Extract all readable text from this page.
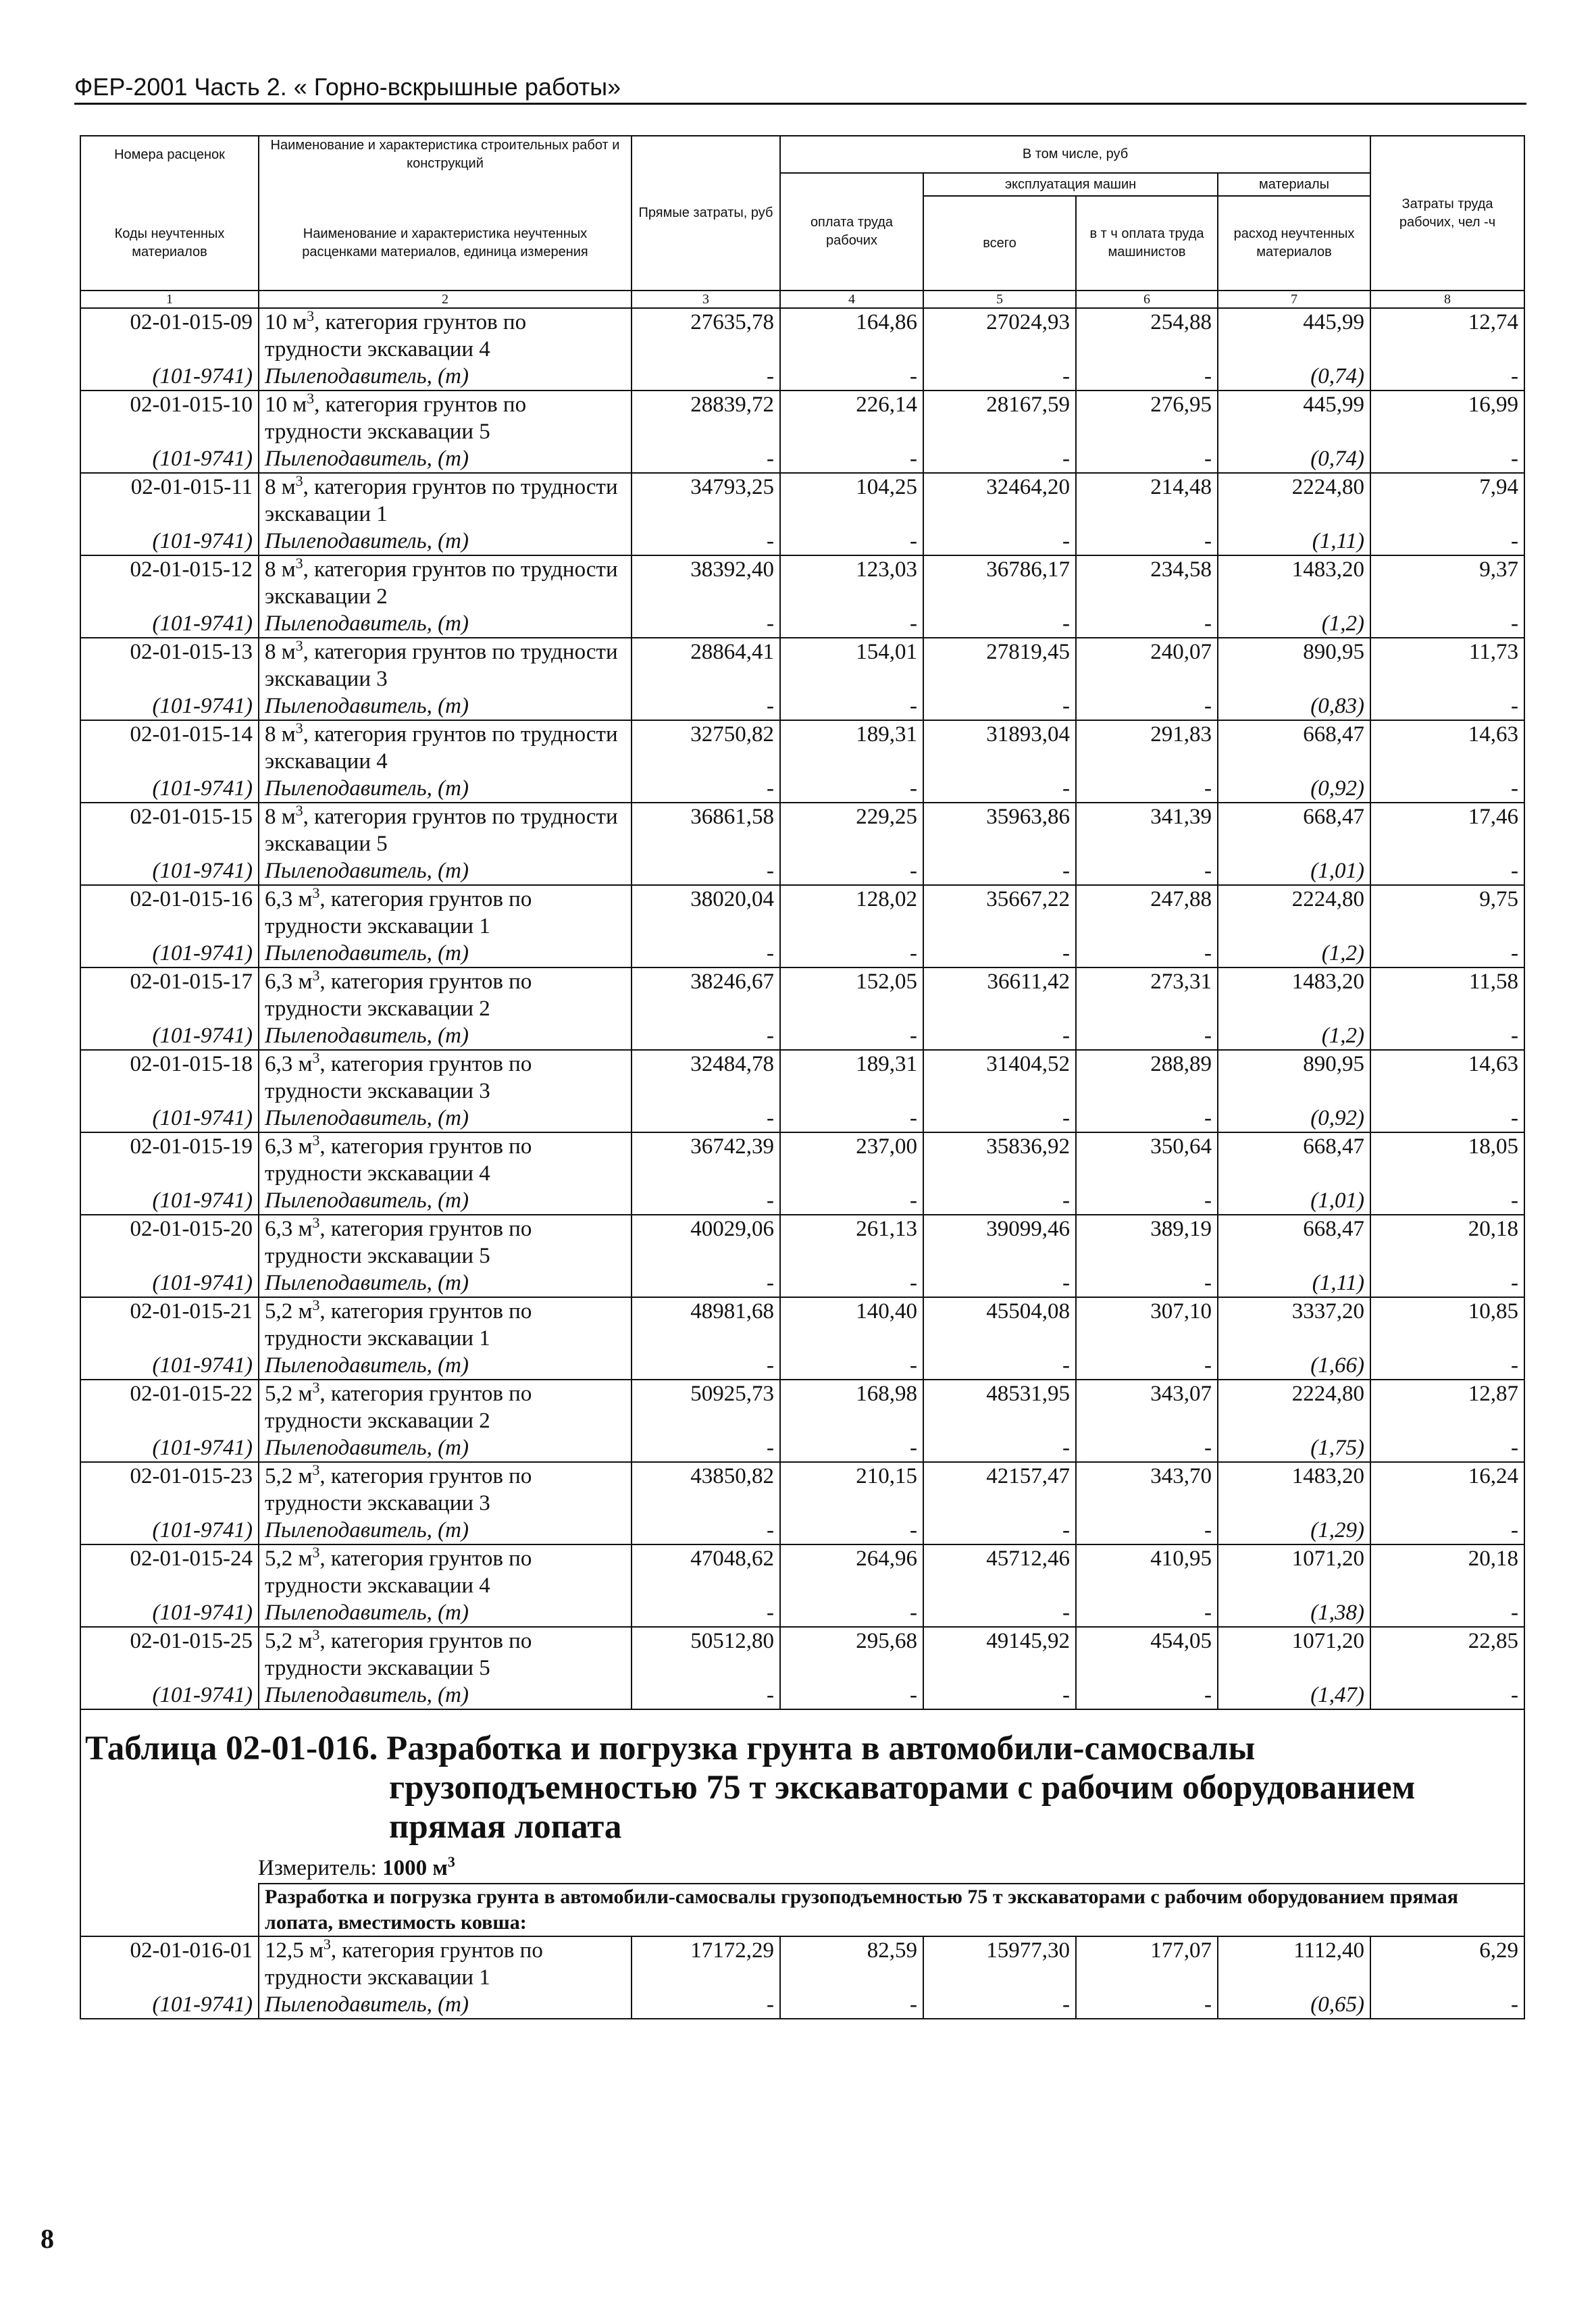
ФЕР-2001 Часть 2. « Горно-вскрышные работы»
Номера расценок	Наименование и характеристика строительных работ и конструкций	Прямые затраты, руб	В том числе, руб				Затраты труда рабочих, чел -ч
			оплата труда рабочих	эксплуатация машин		материалы	
Коды неучтенных материалов	Наименование и характеристика неучтенных расценками материалов, единица измерения			всего	в т ч оплата труда машинистов	расход неучтенных материалов	
1	2	3	4	5	6	7	8
02-01-015-09	10 $м^3$, категория грунтов по трудности экскавации 4	27635,78	164,86	27024,93	254,88	445,99	12,74
(101-9741)	Пылеподавитель, (т)	-	-	-	-	(0,74)	-
02-01-015-10	10 $м^3$, категория грунтов по трудности экскавации 5	28839,72	226,14	28167,59	276,95	445,99	16,99
(101-9741)	Пылеподавитель, (т)	-	-	-	-	(0,74)	-
02-01-015-11	8 $м^3$, категория грунтов по трудности экскавации 1	34793,25	104,25	32464,20	214,48	2224,80	7,94
(101-9741)	Пылеподавитель, (т)	-	-	-	-	(1,11)	-
02-01-015-12	8 $м^3$, категория грунтов по трудности экскавации 2	38392,40	123,03	36786,17	234,58	1483,20	9,37
(101-9741)	Пылеподавитель, (т)	-	-	-	-	(1,2)	-
02-01-015-13	8 $м^3$, категория грунтов по трудности экскавации 3	28864,41	154,01	27819,45	240,07	890,95	11,73
(101-9741)	Пылеподавитель, (т)	-	-	-	-	(0,83)	-
02-01-015-14	8 $м^3$, категория грунтов по трудности экскавации 4	32750,82	189,31	31893,04	291,83	668,47	14,63
(101-9741)	Пылеподавитель, (т)	-	-	-	-	(0,92)	-
02-01-015-15	8 $м^3$, категория грунтов по трудности экскавации 5	36861,58	229,25	35963,86	341,39	668,47	17,46
(101-9741)	Пылеподавитель, (т)	-	-	-	-	(1,01)	-
02-01-015-16	6,3 $м^3$, категория грунтов по трудности экскавации 1	38020,04	128,02	35667,22	247,88	2224,80	9,75
(101-9741)	Пылеподавитель, (т)	-	-	-	-	(1,2)	-
02-01-015-17	6,3 $м^3$, категория грунтов по трудности экскавации 2	38246,67	152,05	36611,42	273,31	1483,20	11,58
(101-9741)	Пылеподавитель, (т)	-	-	-	-	(1,2)	-
02-01-015-18	6,3 $м^3$, категория грунтов по трудности экскавации 3	32484,78	189,31	31404,52	288,89	890,95	14,63
(101-9741)	Пылеподавитель, (т)	-	-	-	-	(0,92)	-
02-01-015-19	6,3 $м^3$, категория грунтов по трудности экскавации 4	36742,39	237,00	35836,92	350,64	668,47	18,05
(101-9741)	Пылеподавитель, (т)	-	-	-	-	(1,01)	-
02-01-015-20	6,3 $м^3$, категория грунтов по трудности экскавации 5	40029,06	261,13	39099,46	389,19	668,47	20,18
(101-9741)	Пылеподавитель, (т)	-	-	-	-	(1,11)	-
02-01-015-21	5,2 $м^3$, категория грунтов по трудности экскавации 1	48981,68	140,40	45504,08	307,10	3337,20	10,85
(101-9741)	Пылеподавитель, (т)	-	-	-	-	(1,66)	-
02-01-015-22	5,2 $м^3$, категория грунтов по трудности экскавации 2	50925,73	168,98	48531,95	343,07	2224,80	12,87
(101-9741)	Пылеподавитель, (т)	-	-	-	-	(1,75)	-
02-01-015-23	5,2 $м^3$, категория грунтов по трудности экскавации 3	43850,82	210,15	42157,47	343,70	1483,20	16,24
(101-9741)	Пылеподавитель, (т)	-	-	-	-	(1,29)	-
02-01-015-24	5,2 $м^3$, категория грунтов по трудности экскавации 4	47048,62	264,96	45712,46	410,95	1071,20	20,18
(101-9741)	Пылеподавитель, (т)	-	-	-	-	(1,38)	-
02-01-015-25	5,2 $м^3$, категория грунтов по трудности экскавации 5	50512,80	295,68	49145,92	454,05	1071,20	22,85
(101-9741)	Пылеподавитель, (т)	-	-	-	-	(1,47)	-

Таблица 02-01-016. Разработка и погрузка грунта в автомобили-самосвалы
грузоподъемностью 75 т экскаваторами с рабочим оборудованием
прямая лопата
Измеритель: 1000 $м^3$

	Разработка и погрузка грунта в автомобили-самосвалы грузоподъемностью 75 т экскаваторами с рабочим оборудованием прямая лопата, вместимость ковша:						
02-01-016-01	12,5 $м^3$, категория грунтов по трудности экскавации 1	17172,29	82,59	15977,30	177,07	1112,40	6,29
(101-9741)	Пылеподавитель, (т)	-	-	-	-	(0,65)	-
8
